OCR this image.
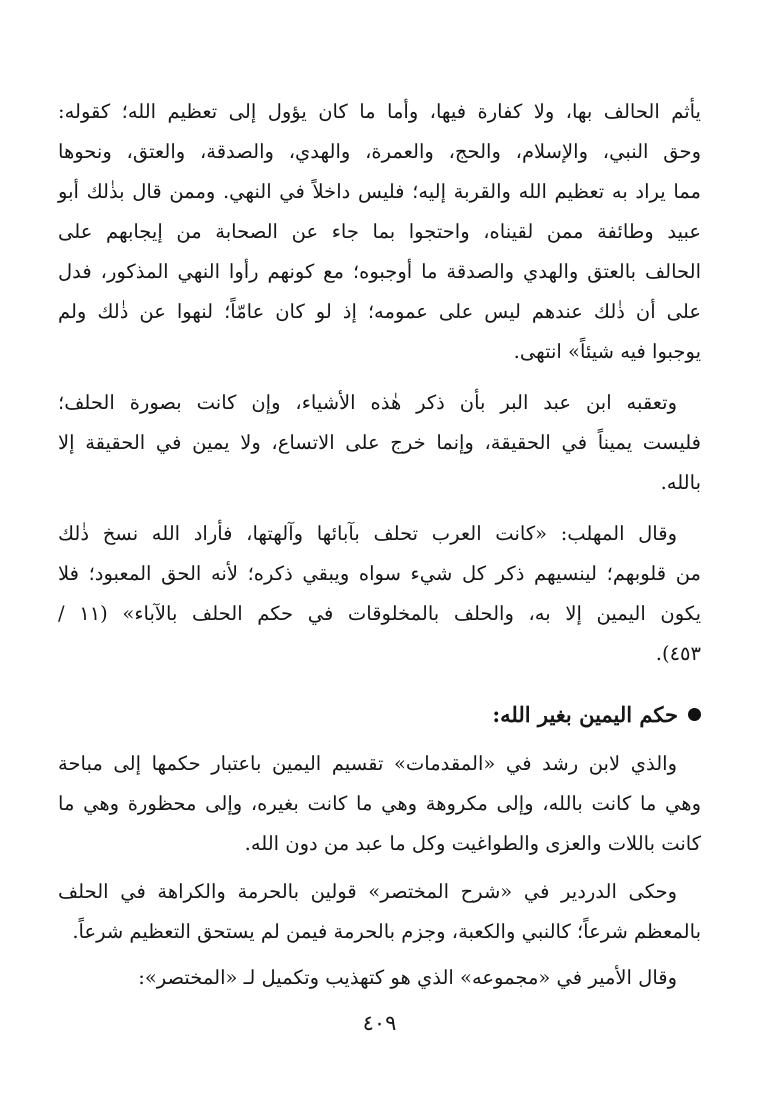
يأثم الحالف بها، ولا كفارة فيها، وأما ما كان يؤول إلى تعظيم الله؛ كقوله:
وحق النبي، والإسلام، والحج، والعمرة، والهدي، والصدقة، والعتق، ونحوها
مما يراد به تعظيم الله والقربة إليه؛ فليس داخلاً في النهي. وممن قال بذٰلك أبو
عبيد وطائفة ممن لقيناه، واحتجوا بما جاء عن الصحابة من إيجابهم على
الحالف بالعتق والهدي والصدقة ما أوجبوه؛ مع كونهم رأوا النهي المذكور، فدل
على أن ذٰلك عندهم ليس على عمومه؛ إذ لو كان عامّاً؛ لنهوا عن ذٰلك ولم
يوجبوا فيه شيئاً» انتهى.
وتعقبه ابن عبد البر بأن ذكر هٰذه الأشياء، وإن كانت بصورة الحلف؛
فليست يميناً في الحقيقة، وإنما خرج على الاتساع، ولا يمين في الحقيقة إلا
بالله.
وقال المهلب: «كانت العرب تحلف بآبائها وآلهتها، فأراد الله نسخ ذٰلك
من قلوبهم؛ لينسيهم ذكر كل شيء سواه ويبقي ذكره؛ لأنه الحق المعبود؛ فلا
يكون اليمين إلا به، والحلف بالمخلوقات في حكم الحلف بالآباء» (١١ /
٤٥٣).
حكم اليمين بغير الله:
والذي لابن رشد في «المقدمات» تقسيم اليمين باعتبار حكمها إلى مباحة
وهي ما كانت بالله، وإلى مكروهة وهي ما كانت بغيره، وإلى محظورة وهي ما
كانت باللات والعزى والطواغيت وكل ما عبد من دون الله.
وحكى الدردير في «شرح المختصر» قولين بالحرمة والكراهة في الحلف
بالمعظم شرعاً؛ كالنبي والكعبة، وجزم بالحرمة فيمن لم يستحق التعظيم شرعاً.
وقال الأمير في «مجموعه» الذي هو كتهذيب وتكميل لـ «المختصر»:
٤٠٩
